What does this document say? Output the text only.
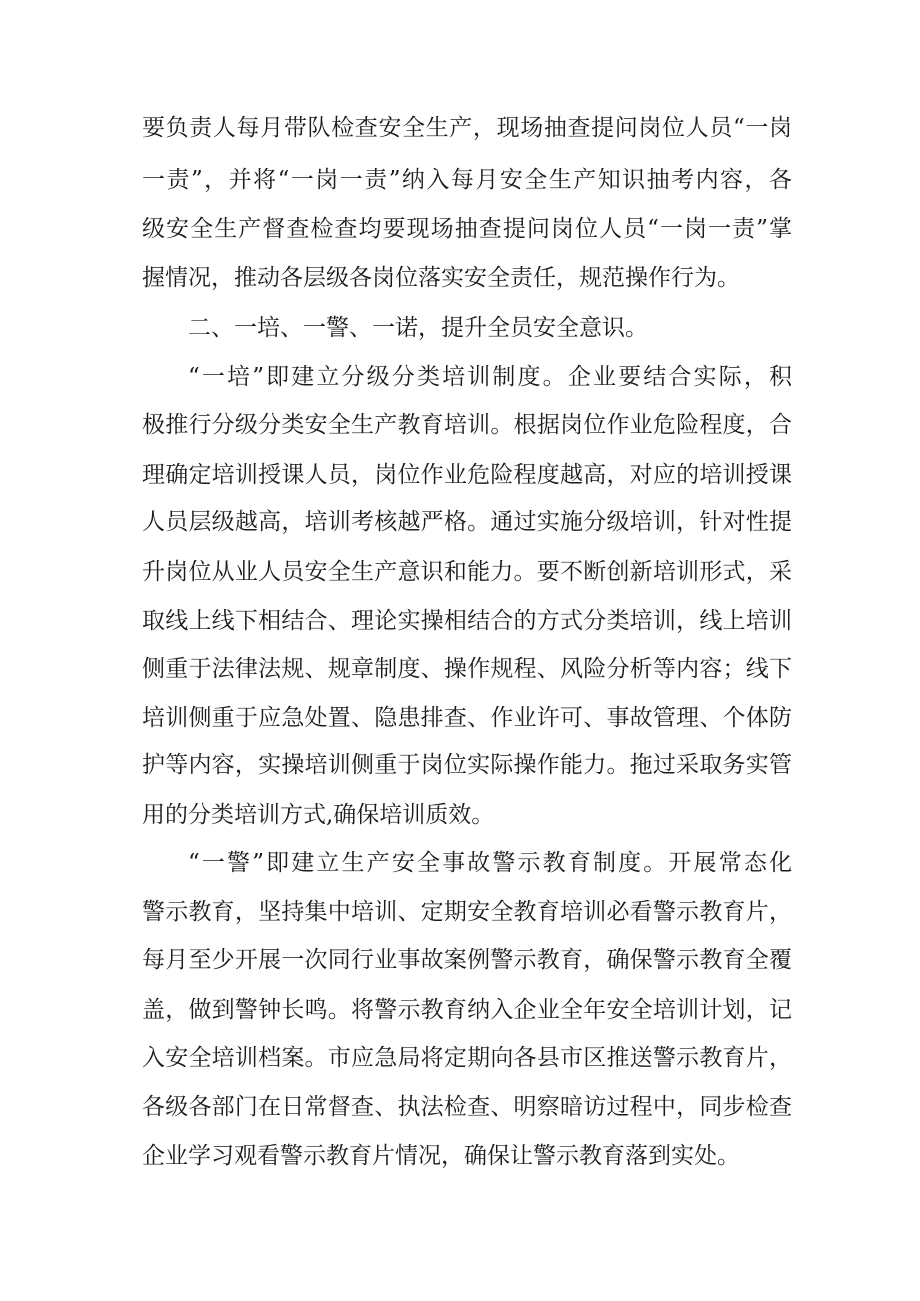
要负责人每月带队检查安全生产，现场抽查提问岗位人员“一岗
一责”，并将“一岗一责”纳入每月安全生产知识抽考内容，各
级安全生产督查检查均要现场抽查提问岗位人员“一岗一责”掌
握情况，推动各层级各岗位落实安全责任，规范操作行为。
二、一培、一警、一诺，提升全员安全意识。
“一培”即建立分级分类培训制度。企业要结合实际，积
极推行分级分类安全生产教育培训。根据岗位作业危险程度，合
理确定培训授课人员，岗位作业危险程度越高，对应的培训授课
人员层级越高，培训考核越严格。通过实施分级培训，针对性提
升岗位从业人员安全生产意识和能力。要不断创新培训形式，采
取线上线下相结合、理论实操相结合的方式分类培训，线上培训
侧重于法律法规、规章制度、操作规程、风险分析等内容；线下
培训侧重于应急处置、隐患排查、作业许可、事故管理、个体防
护等内容，实操培训侧重于岗位实际操作能力。拖过采取务实管
用的分类培训方式,确保培训质效。
“一警”即建立生产安全事故警示教育制度。开展常态化
警示教育，坚持集中培训、定期安全教育培训必看警示教育片，
每月至少开展一次同行业事故案例警示教育，确保警示教育全覆
盖，做到警钟长鸣。将警示教育纳入企业全年安全培训计划，记
入安全培训档案。市应急局将定期向各县市区推送警示教育片，
各级各部门在日常督查、执法检查、明察暗访过程中，同步检查
企业学习观看警示教育片情况，确保让警示教育落到实处。
